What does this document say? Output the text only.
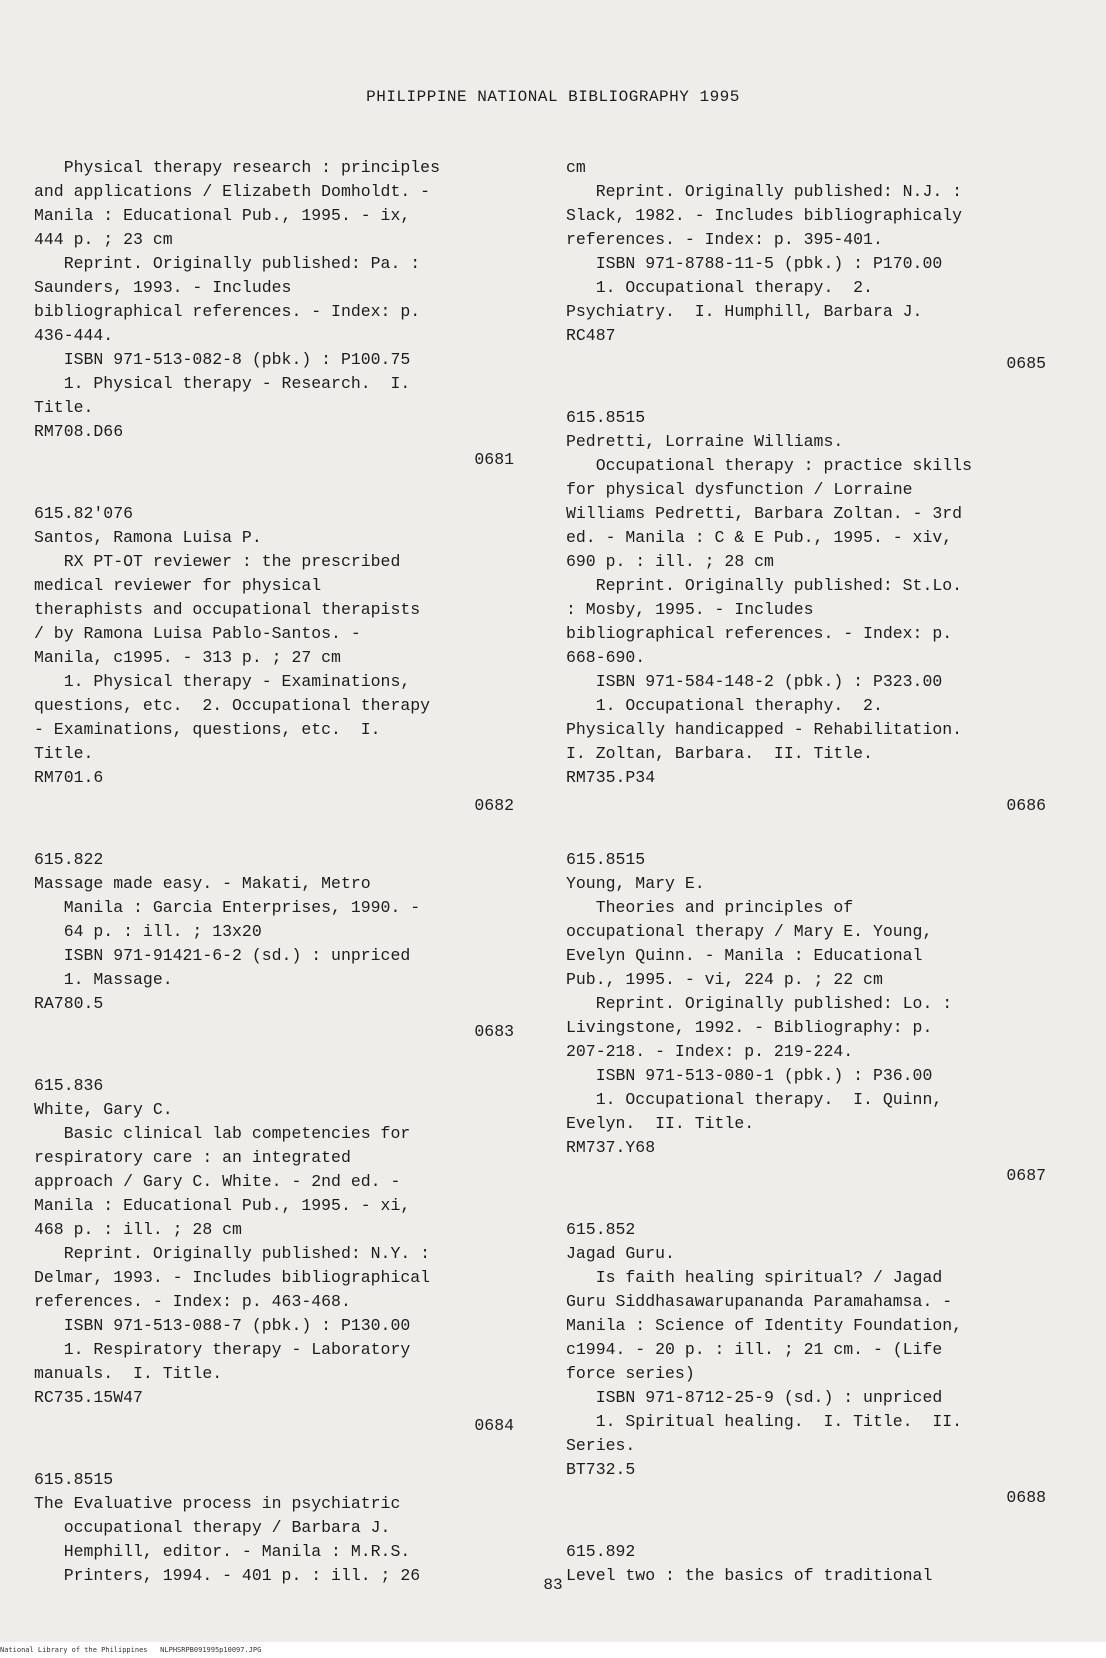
PHILIPPINE NATIONAL BIBLIOGRAPHY 1995
Physical therapy research : principles
and applications / Elizabeth Domholdt. -
Manila : Educational Pub., 1995. - ix,
444 p. ; 23 cm
Reprint. Originally published: Pa. :
Saunders, 1993. - Includes
bibliographical references. - Index: p.
436-444.
ISBN 971-513-082-8 (pbk.) : P100.75
1. Physical therapy - Research.  I.
Title.
RM708.D66
0681
615.82'076
Santos, Ramona Luisa P.
RX PT-OT reviewer : the prescribed
medical reviewer for physical
theraphists and occupational therapists
/ by Ramona Luisa Pablo-Santos. -
Manila, c1995. - 313 p. ; 27 cm
1. Physical therapy - Examinations,
questions, etc.  2. Occupational therapy
- Examinations, questions, etc.  I.
Title.
RM701.6
0682
615.822
Massage made easy. - Makati, Metro
Manila : Garcia Enterprises, 1990. -
64 p. : ill. ; 13x20
ISBN 971-91421-6-2 (sd.) : unpriced
1. Massage.
RA780.5
0683
615.836
White, Gary C.
Basic clinical lab competencies for
respiratory care : an integrated
approach / Gary C. White. - 2nd ed. -
Manila : Educational Pub., 1995. - xi,
468 p. : ill. ; 28 cm
Reprint. Originally published: N.Y. :
Delmar, 1993. - Includes bibliographical
references. - Index: p. 463-468.
ISBN 971-513-088-7 (pbk.) : P130.00
1. Respiratory therapy - Laboratory
manuals.  I. Title.
RC735.15W47
0684
615.8515
The Evaluative process in psychiatric
occupational therapy / Barbara J.
Hemphill, editor. - Manila : M.R.S.
Printers, 1994. - 401 p. : ill. ; 26
cm
Reprint. Originally published: N.J. :
Slack, 1982. - Includes bibliographicaly
references. - Index: p. 395-401.
ISBN 971-8788-11-5 (pbk.) : P170.00
1. Occupational therapy.  2.
Psychiatry.  I. Humphill, Barbara J.
RC487
0685
615.8515
Pedretti, Lorraine Williams.
Occupational therapy : practice skills
for physical dysfunction / Lorraine
Williams Pedretti, Barbara Zoltan. - 3rd
ed. - Manila : C & E Pub., 1995. - xiv,
690 p. : ill. ; 28 cm
Reprint. Originally published: St.Lo.
: Mosby, 1995. - Includes
bibliographical references. - Index: p.
668-690.
ISBN 971-584-148-2 (pbk.) : P323.00
1. Occupational theraphy.  2.
Physically handicapped - Rehabilitation.
I. Zoltan, Barbara.  II. Title.
RM735.P34
0686
615.8515
Young, Mary E.
Theories and principles of
occupational therapy / Mary E. Young,
Evelyn Quinn. - Manila : Educational
Pub., 1995. - vi, 224 p. ; 22 cm
Reprint. Originally published: Lo. :
Livingstone, 1992. - Bibliography: p.
207-218. - Index: p. 219-224.
ISBN 971-513-080-1 (pbk.) : P36.00
1. Occupational therapy.  I. Quinn,
Evelyn.  II. Title.
RM737.Y68
0687
615.852
Jagad Guru.
Is faith healing spiritual? / Jagad
Guru Siddhasawarupananda Paramahamsa. -
Manila : Science of Identity Foundation,
c1994. - 20 p. : ill. ; 21 cm. - (Life
force series)
ISBN 971-8712-25-9 (sd.) : unpriced
1. Spiritual healing.  I. Title.  II.
Series.
BT732.5
0688
615.892
Level two : the basics of traditional
83
National Library of the Philippines NLPHSRPB091995p10097.JPG
